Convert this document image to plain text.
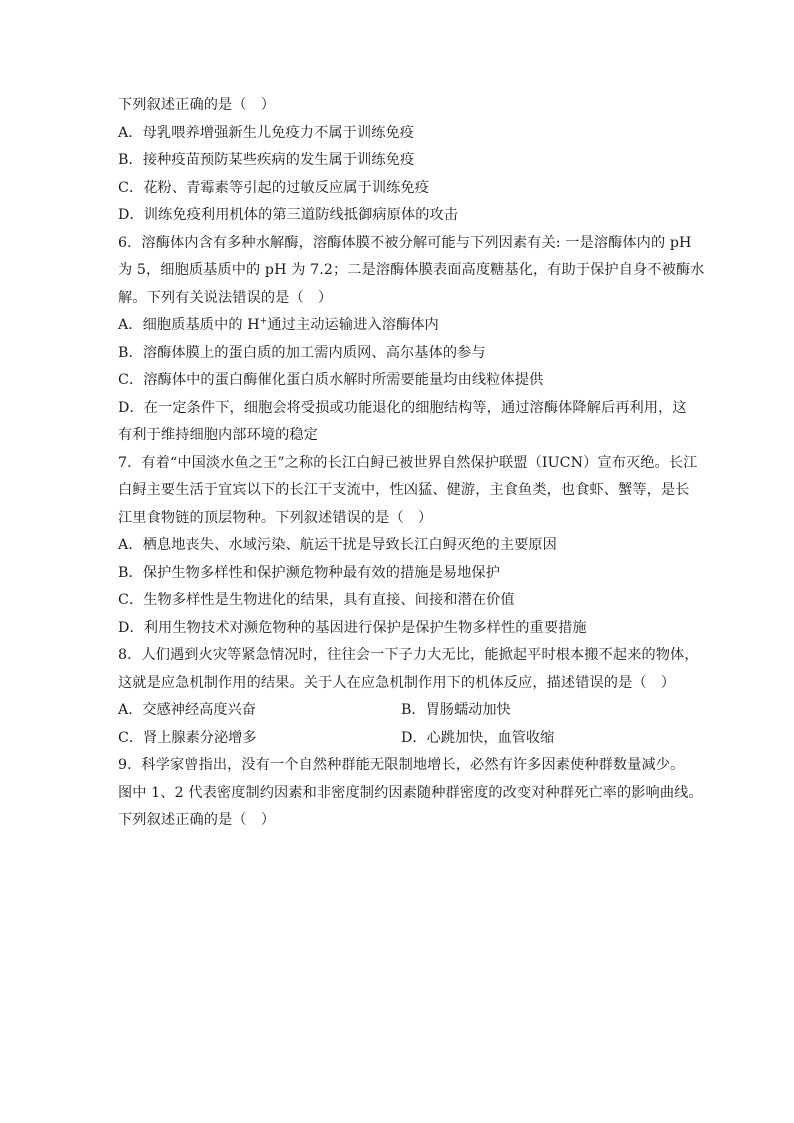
下列叙述正确的是（　）
A．母乳喂养增强新生儿免疫力不属于训练免疫
B．接种疫苗预防某些疾病的发生属于训练免疫
C．花粉、青霉素等引起的过敏反应属于训练免疫
D．训练免疫利用机体的第三道防线抵御病原体的攻击
6．溶酶体内含有多种水解酶，溶酶体膜不被分解可能与下列因素有关: 一是溶酶体内的 pH
为 5，细胞质基质中的 pH 为 7.2；二是溶酶体膜表面高度糖基化，有助于保护自身不被酶水
解。下列有关说法错误的是（　）
A．细胞质基质中的 H+通过主动运输进入溶酶体内
B．溶酶体膜上的蛋白质的加工需内质网、高尔基体的参与
C．溶酶体中的蛋白酶催化蛋白质水解时所需要能量均由线粒体提供
D．在一定条件下，细胞会将受损或功能退化的细胞结构等，通过溶酶体降解后再利用，这
有利于维持细胞内部环境的稳定
7．有着“中国淡水鱼之王”之称的长江白鲟已被世界自然保护联盟（IUCN）宣布灭绝。长江
白鲟主要生活于宜宾以下的长江干支流中，性凶猛、健游，主食鱼类，也食虾、蟹等，是长
江里食物链的顶层物种。下列叙述错误的是（　）
A．栖息地丧失、水域污染、航运干扰是导致长江白鲟灭绝的主要原因
B．保护生物多样性和保护濒危物种最有效的措施是易地保护
C．生物多样性是生物进化的结果，具有直接、间接和潜在价值
D．利用生物技术对濒危物种的基因进行保护是保护生物多样性的重要措施
8．人们遇到火灾等紧急情况时，往往会一下子力大无比，能掀起平时根本搬不起来的物体，
这就是应急机制作用的结果。关于人在应急机制作用下的机体反应，描述错误的是（　）
A．交感神经高度兴奋	B．胃肠蠕动加快
C．肾上腺素分泌增多	D．心跳加快，血管收缩
9．科学家曾指出，没有一个自然种群能无限制地增长，必然有许多因素使种群数量减少。
图中 1、2 代表密度制约因素和非密度制约因素随种群密度的改变对种群死亡率的影响曲线。
下列叙述正确的是（　）
